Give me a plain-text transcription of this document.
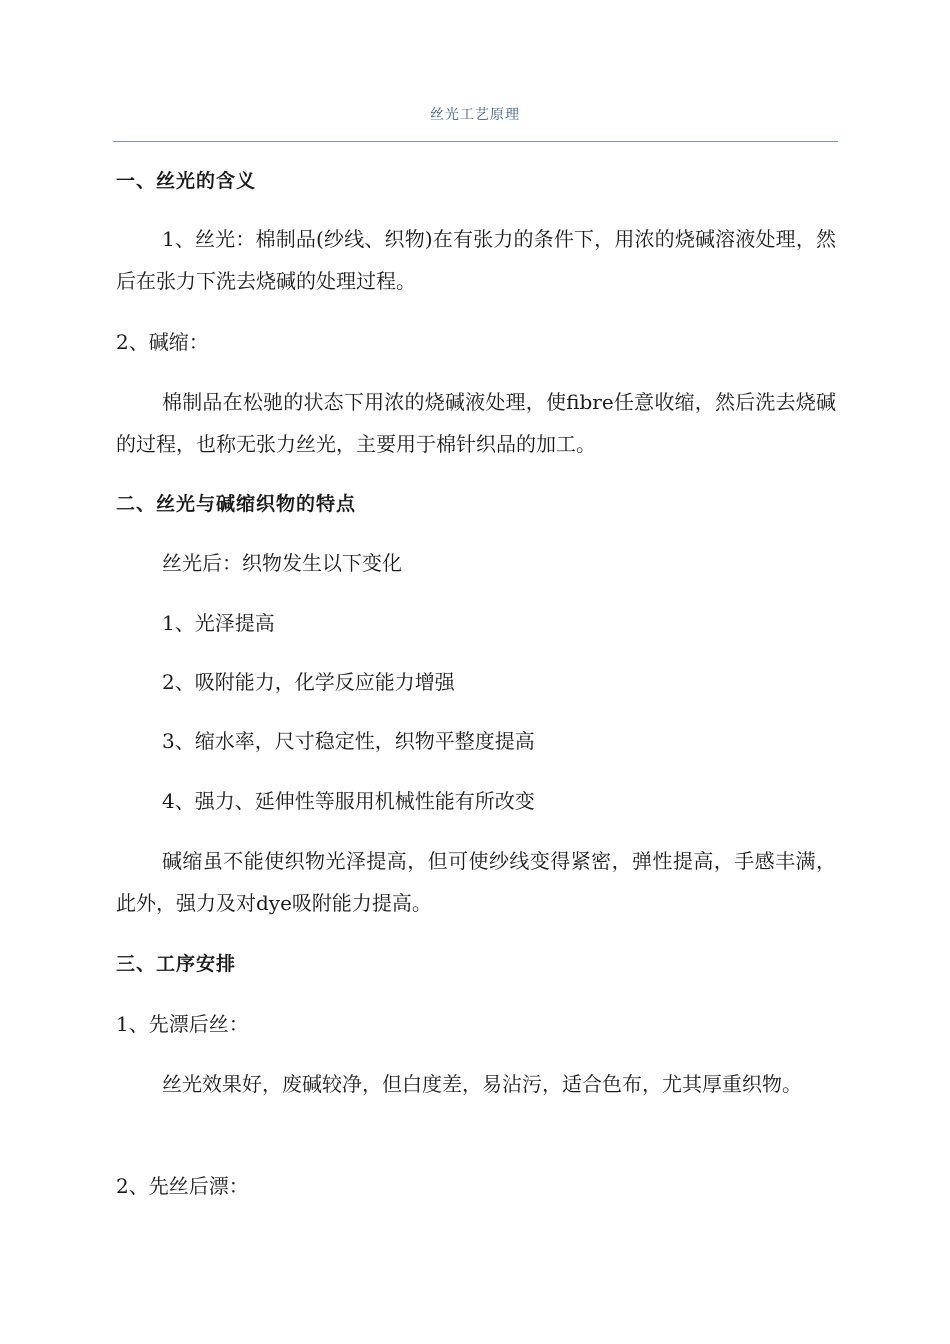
丝光工艺原理

一、丝光的含义

1、丝光：棉制品(纱线、织物)在有张力的条件下，用浓的烧碱溶液处理，然后在张力下洗去烧碱的处理过程。

2、碱缩：

棉制品在松驰的状态下用浓的烧碱液处理，使fibre任意收缩，然后洗去烧碱的过程，也称无张力丝光，主要用于棉针织品的加工。

二、丝光与碱缩织物的特点

丝光后：织物发生以下变化

1、光泽提高

2、吸附能力，化学反应能力增强

3、缩水率，尺寸稳定性，织物平整度提高

4、强力、延伸性等服用机械性能有所改变

碱缩虽不能使织物光泽提高，但可使纱线变得紧密，弹性提高，手感丰满，此外，强力及对dye吸附能力提高。

三、工序安排

1、先漂后丝：

丝光效果好，废碱较净，但白度差，易沾污，适合色布，尤其厚重织物。

2、先丝后漂：
